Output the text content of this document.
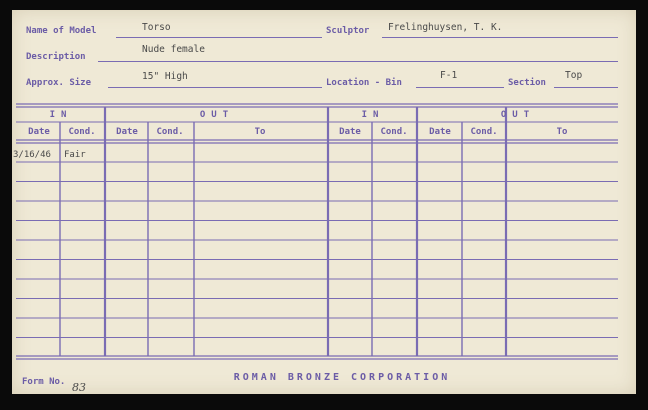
Name of Model	Torso	Sculptor Frelinghuysen, T. K.
Description
Nude female
Approx. Size
15" High
Location - Bin
F-1
Section
Top
IN	OUT	IN	OUT
Date	Cond.	Date	Cond.	To	Date	Cond.	Date	Cond.	To
3/16/46 Fair
Form No. 83
ROMAN BRONZE CORPORATION
